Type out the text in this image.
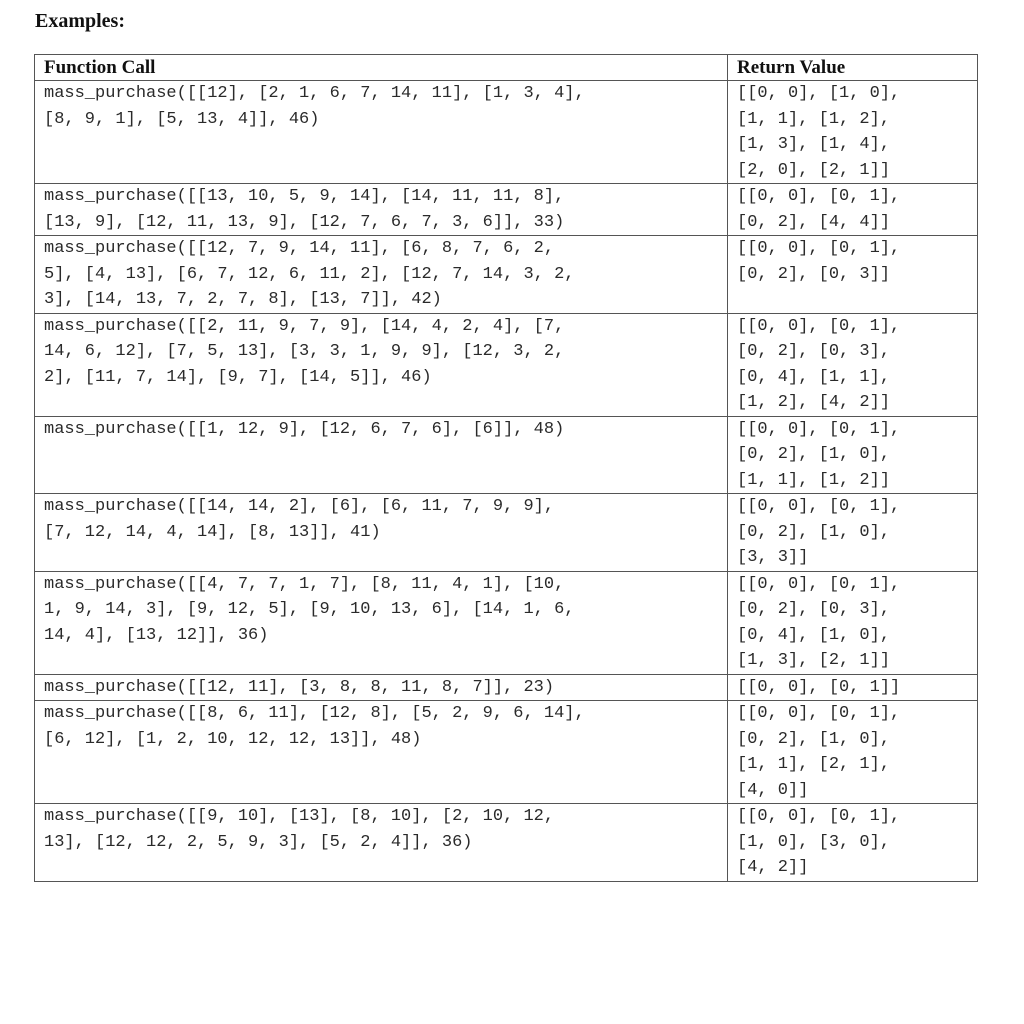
Examples:
Function Call	Return Value

mass_purchase([[12], [2, 1, 6, 7, 14, 11], [1, 3, 4],
[8, 9, 1], [5, 13, 4]], 46)	[[0, 0], [1, 0],
[1, 1], [1, 2],
[1, 3], [1, 4],
[2, 0], [2, 1]]

mass_purchase([[13, 10, 5, 9, 14], [14, 11, 11, 8],
[13, 9], [12, 11, 13, 9], [12, 7, 6, 7, 3, 6]], 33)	[[0, 0], [0, 1],
[0, 2], [4, 4]]

mass_purchase([[12, 7, 9, 14, 11], [6, 8, 7, 6, 2,
5], [4, 13], [6, 7, 12, 6, 11, 2], [12, 7, 14, 3, 2,
3], [14, 13, 7, 2, 7, 8], [13, 7]], 42)	[[0, 0], [0, 1],
[0, 2], [0, 3]]

mass_purchase([[2, 11, 9, 7, 9], [14, 4, 2, 4], [7,
14, 6, 12], [7, 5, 13], [3, 3, 1, 9, 9], [12, 3, 2,
2], [11, 7, 14], [9, 7], [14, 5]], 46)	[[0, 0], [0, 1],
[0, 2], [0, 3],
[0, 4], [1, 1],
[1, 2], [4, 2]]

mass_purchase([[1, 12, 9], [12, 6, 7, 6], [6]], 48)	[[0, 0], [0, 1],
[0, 2], [1, 0],
[1, 1], [1, 2]]

mass_purchase([[14, 14, 2], [6], [6, 11, 7, 9, 9],
[7, 12, 14, 4, 14], [8, 13]], 41)	[[0, 0], [0, 1],
[0, 2], [1, 0],
[3, 3]]

mass_purchase([[4, 7, 7, 1, 7], [8, 11, 4, 1], [10,
1, 9, 14, 3], [9, 12, 5], [9, 10, 13, 6], [14, 1, 6,
14, 4], [13, 12]], 36)	[[0, 0], [0, 1],
[0, 2], [0, 3],
[0, 4], [1, 0],
[1, 3], [2, 1]]

mass_purchase([[12, 11], [3, 8, 8, 11, 8, 7]], 23)	[[0, 0], [0, 1]]

mass_purchase([[8, 6, 11], [12, 8], [5, 2, 9, 6, 14],
[6, 12], [1, 2, 10, 12, 12, 13]], 48)	[[0, 0], [0, 1],
[0, 2], [1, 0],
[1, 1], [2, 1],
[4, 0]]

mass_purchase([[9, 10], [13], [8, 10], [2, 10, 12,
13], [12, 12, 2, 5, 9, 3], [5, 2, 4]], 36)	[[0, 0], [0, 1],
[1, 0], [3, 0],
[4, 2]]
